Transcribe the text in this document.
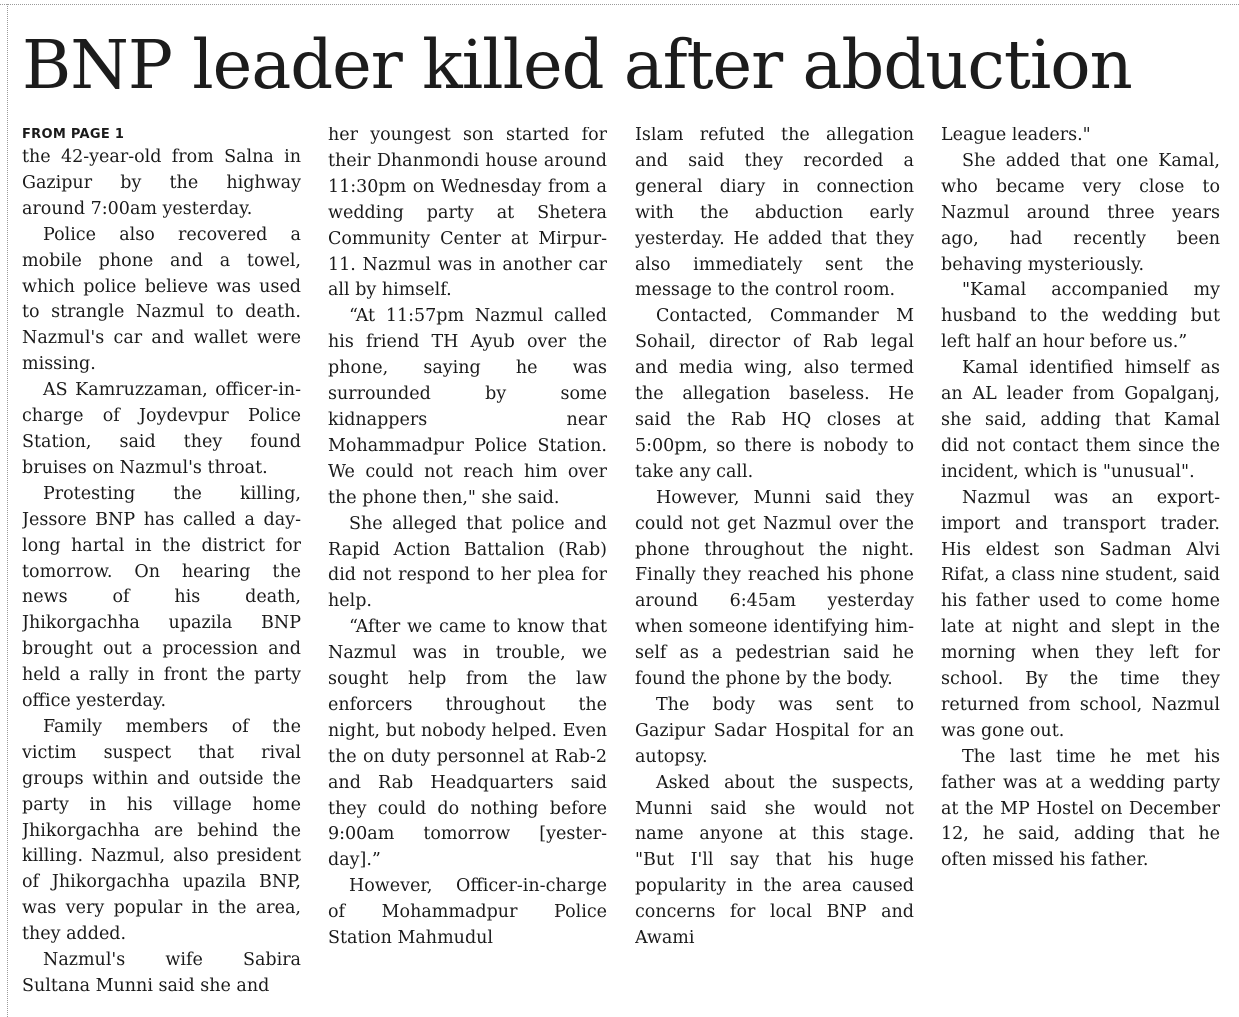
BNP leader killed after abduction
FROM PAGE 1

the 42-year-old from Salna in Gazipur by the highway around 7:00am yesterday.

Police also recovered a mobile phone and a towel, which police believe was used to strangle Nazmul to death. Nazmul's car and wallet were missing.

AS Kamruzzaman, officer-in-charge of Joydevpur Police Station, said they found bruises on Nazmul's throat.

Protesting the killing, Jessore BNP has called a day-long hartal in the district for tomorrow. On hearing the news of his death, Jhikorgachha upazila BNP brought out a procession and held a rally in front the party office yesterday.

Family members of the victim suspect that rival groups within and outside the party in his village home Jhikorgachha are behind the killing. Nazmul, also president of Jhikorgachha upazila BNP, was very popular in the area, they added.

Nazmul's wife Sabira Sultana Munni said she and

her youngest son started for their Dhanmondi house around 11:30pm on Wednesday from a wedding party at Shetera Community Center at Mirpur-11. Nazmul was in another car all by himself.

“At 11:57pm Nazmul called his friend TH Ayub over the phone, saying he was surrounded by some kidnappers near Mohammadpur Police Station. We could not reach him over the phone then," she said.

She alleged that police and Rapid Action Battalion (Rab) did not respond to her plea for help.

“After we came to know that Nazmul was in trouble, we sought help from the law enforcers throughout the night, but nobody helped. Even the on duty personnel at Rab-2 and Rab Headquarters said they could do nothing before 9:00am tomorrow [yesterday].”

However, Officer-in-charge of Mohammadpur Police Station Mahmudul

Islam refuted the allegation and said they recorded a general diary in connection with the abduction early yesterday. He added that they also immediately sent the message to the control room.

Contacted, Commander M Sohail, director of Rab legal and media wing, also termed the allegation baseless. He said the Rab HQ closes at 5:00pm, so there is nobody to take any call.

However, Munni said they could not get Nazmul over the phone throughout the night. Finally they reached his phone around 6:45am yesterday when someone identifying himself as a pedestrian said he found the phone by the body.

The body was sent to Gazipur Sadar Hospital for an autopsy.

Asked about the suspects, Munni said she would not name anyone at this stage. "But I'll say that his huge popularity in the area caused concerns for local BNP and Awami

League leaders."

She added that one Kamal, who became very close to Nazmul around three years ago, had recently been behaving mysteriously.

"Kamal accompanied my husband to the wedding but left half an hour before us.”

Kamal identified himself as an AL leader from Gopalganj, she said, adding that Kamal did not contact them since the incident, which is "unusual".

Nazmul was an export-import and transport trader. His eldest son Sadman Alvi Rifat, a class nine student, said his father used to come home late at night and slept in the morning when they left for school. By the time they returned from school, Nazmul was gone out.

The last time he met his father was at a wedding party at the MP Hostel on December 12, he said, adding that he often missed his father.
